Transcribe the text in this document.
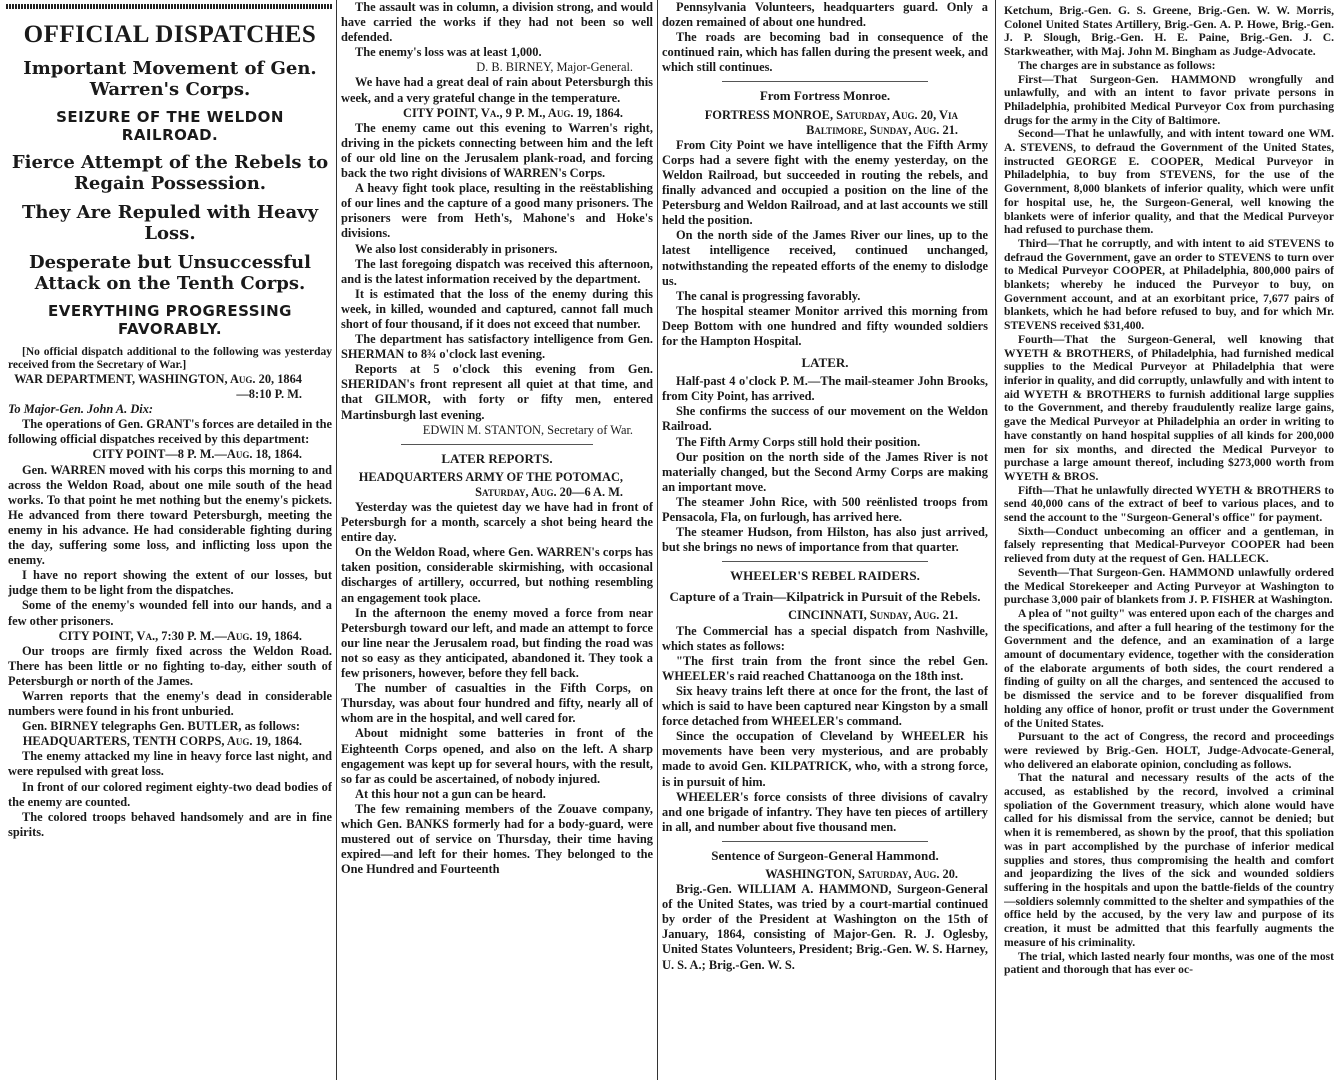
OFFICIAL DISPATCHES

Important Movement of Gen. Warren's Corps.

SEIZURE OF THE WELDON RAILROAD.

Fierce Attempt of the Rebels to Regain Possession.

They Are Repuled with Heavy Loss.

Desperate but Unsuccessful Attack on the Tenth Corps.

EVERYTHING PROGRESSING FAVORABLY.

[No official dispatch additional to the following was yesterday received from the Secretary of War.]

WAR DEPARTMENT, WASHINGTON, Aug. 20, 1864—8:10 P. M.

To Major-Gen. John A. Dix:

The operations of Gen. GRANT's forces are detailed in the following official dispatches received by this department:

CITY POINT—8 P. M.—Aug. 18, 1864.

Gen. WARREN moved with his corps this morning to and across the Weldon Road, about one mile south of the head works. To that point he met nothing but the enemy's pickets. He advanced from there toward Petersburgh, meeting the enemy in his advance. He had considerable fighting during the day, suffering some loss, and inflicting loss upon the enemy.

I have no report showing the extent of our losses, but judge them to be light from the dispatches.

Some of the enemy's wounded fell into our hands, and a few other prisoners.

CITY POINT, Va., 7:30 P. M.—Aug. 19, 1864.

Our troops are firmly fixed across the Weldon Road. There has been little or no fighting to-day, either south of Petersburgh or north of the James.

Warren reports that the enemy's dead in considerable numbers were found in his front unburied.

Gen. BIRNEY telegraphs Gen. BUTLER, as follows:

HEADQUARTERS, TENTH CORPS, Aug. 19, 1864.

The enemy attacked my line in heavy force last night, and were repulsed with great loss.

In front of our colored regiment eighty-two dead bodies of the enemy are counted.

The colored troops behaved handsomely and are in fine spirits.

The assault was in column, a division strong, and would have carried the works if they had not been so well defended.

The enemy's loss was at least 1,000.

D. B. BIRNEY, Major-General.

We have had a great deal of rain about Petersburgh this week, and a very grateful change in the temperature.

CITY POINT, Va., 9 P. M., Aug. 19, 1864.

The enemy came out this evening to Warren's right, driving in the pickets connecting between him and the left of our old line on the Jerusalem plank-road, and forcing back the two right divisions of WARREN's Corps.

A heavy fight took place, resulting in the reëstablishing of our lines and the capture of a good many prisoners. The prisoners were from Heth's, Mahone's and Hoke's divisions.

We also lost considerably in prisoners.

The last foregoing dispatch was received this afternoon, and is the latest information received by the department.

It is estimated that the loss of the enemy during this week, in killed, wounded and captured, cannot fall much short of four thousand, if it does not exceed that number.

The department has satisfactory intelligence from Gen. SHERMAN to 8¾ o'clock last evening.

Reports at 5 o'clock this evening from Gen. SHERIDAN's front represent all quiet at that time, and that GILMOR, with forty or fifty men, entered Martinsburgh last evening.

EDWIN M. STANTON, Secretary of War.

LATER REPORTS.

HEADQUARTERS ARMY OF THE POTOMAC, Saturday, Aug. 20—6 A. M.

Yesterday was the quietest day we have had in front of Petersburgh for a month, scarcely a shot being heard the entire day.

On the Weldon Road, where Gen. WARREN's corps has taken position, considerable skirmishing, with occasional discharges of artillery, occurred, but nothing resembling an engagement took place.

In the afternoon the enemy moved a force from near Petersburgh toward our left, and made an attempt to force our line near the Jerusalem road, but finding the road was not so easy as they anticipated, abandoned it. They took a few prisoners, however, before they fell back.

The number of casualties in the Fifth Corps, on Thursday, was about four hundred and fifty, nearly all of whom are in the hospital, and well cared for.

About midnight some batteries in front of the Eighteenth Corps opened, and also on the left. A sharp engagement was kept up for several hours, with the result, so far as could be ascertained, of nobody injured.

At this hour not a gun can be heard.

The few remaining members of the Zouave company, which Gen. BANKS formerly had for a body-guard, were mustered out of service on Thursday, their time having expired—and left for their homes. They belonged to the One Hundred and Fourteenth

Pennsylvania Volunteers, headquarters guard. Only a dozen remained of about one hundred.

The roads are becoming bad in consequence of the continued rain, which has fallen during the present week, and which still continues.

From Fortress Monroe.

FORTRESS MONROE, Saturday, Aug. 20, Via Baltimore, Sunday, Aug. 21.

From City Point we have intelligence that the Fifth Army Corps had a severe fight with the enemy yesterday, on the Weldon Railroad, but succeeded in routing the rebels, and finally advanced and occupied a position on the line of the Petersburg and Weldon Railroad, and at last accounts we still held the position.

On the north side of the James River our lines, up to the latest intelligence received, continued unchanged, notwithstanding the repeated efforts of the enemy to dislodge us.

The canal is progressing favorably.

The hospital steamer Monitor arrived this morning from Deep Bottom with one hundred and fifty wounded soldiers for the Hampton Hospital.

LATER.

Half-past 4 o'clock P. M.—The mail-steamer John Brooks, from City Point, has arrived.

She confirms the success of our movement on the Weldon Railroad.

The Fifth Army Corps still hold their position.

Our position on the north side of the James River is not materially changed, but the Second Army Corps are making an important move.

The steamer John Rice, with 500 reënlisted troops from Pensacola, Fla, on furlough, has arrived here.

The steamer Hudson, from Hilston, has also just arrived, but she brings no news of importance from that quarter.

WHEELER'S REBEL RAIDERS.

Capture of a Train—Kilpatrick in Pursuit of the Rebels.

CINCINNATI, Sunday, Aug. 21.

The Commercial has a special dispatch from Nashville, which states as follows:

"The first train from the front since the rebel Gen. WHEELER's raid reached Chattanooga on the 18th inst.

Six heavy trains left there at once for the front, the last of which is said to have been captured near Kingston by a small force detached from WHEELER's command.

Since the occupation of Cleveland by WHEELER his movements have been very mysterious, and are probably made to avoid Gen. KILPATRICK, who, with a strong force, is in pursuit of him.

WHEELER's force consists of three divisions of cavalry and one brigade of infantry. They have ten pieces of artillery in all, and number about five thousand men.

Sentence of Surgeon-General Hammond.

WASHINGTON, Saturday, Aug. 20.

Brig.-Gen. WILLIAM A. HAMMOND, Surgeon-General of the United States, was tried by a court-martial continued by order of the President at Washington on the 15th of January, 1864, consisting of Major-Gen. R. J. Oglesby, United States Volunteers, President; Brig.-Gen. W. S. Harney, U. S. A.; Brig.-Gen. W. S.

Ketchum, Brig.-Gen. G. S. Greene, Brig.-Gen. W. W. Morris, Colonel United States Artillery, Brig.-Gen. A. P. Howe, Brig.-Gen. J. P. Slough, Brig.-Gen. H. E. Paine, Brig.-Gen. J. C. Starkweather, with Maj. John M. Bingham as Judge-Advocate.

The charges are in substance as follows:

First—That Surgeon-Gen. HAMMOND wrongfully and unlawfully, and with an intent to favor private persons in Philadelphia, prohibited Medical Purveyor Cox from purchasing drugs for the army in the City of Baltimore.

Second—That he unlawfully, and with intent toward one WM. A. STEVENS, to defraud the Government of the United States, instructed GEORGE E. COOPER, Medical Purveyor in Philadelphia, to buy from STEVENS, for the use of the Government, 8,000 blankets of inferior quality, which were unfit for hospital use, he, the Surgeon-General, well knowing the blankets were of inferior quality, and that the Medical Purveyor had refused to purchase them.

Third—That he corruptly, and with intent to aid STEVENS to defraud the Government, gave an order to STEVENS to turn over to Medical Purveyor COOPER, at Philadelphia, 800,000 pairs of blankets; whereby he induced the Purveyor to buy, on Government account, and at an exorbitant price, 7,677 pairs of blankets, which he had before refused to buy, and for which Mr. STEVENS received $31,400.

Fourth—That the Surgeon-General, well knowing that WYETH & BROTHERS, of Philadelphia, had furnished medical supplies to the Medical Purveyor at Philadelphia that were inferior in quality, and did corruptly, unlawfully and with intent to aid WYETH & BROTHERS to furnish additional large supplies to the Government, and thereby fraudulently realize large gains, gave the Medical Purveyor at Philadelphia an order in writing to have constantly on hand hospital supplies of all kinds for 200,000 men for six months, and directed the Medical Purveyor to purchase a large amount thereof, including $273,000 worth from WYETH & BROS.

Fifth—That he unlawfully directed WYETH & BROTHERS to send 40,000 cans of the extract of beef to various places, and to send the account to the "Surgeon-General's office" for payment.

Sixth—Conduct unbecoming an officer and a gentleman, in falsely representing that Medical-Purveyor COOPER had been relieved from duty at the request of Gen. HALLECK.

Seventh—That Surgeon-Gen. HAMMOND unlawfully ordered the Medical Storekeeper and Acting Purveyor at Washington to purchase 3,000 pair of blankets from J. P. FISHER at Washington.

A plea of "not guilty" was entered upon each of the charges and the specifications, and after a full hearing of the testimony for the Government and the defence, and an examination of a large amount of documentary evidence, together with the consideration of the elaborate arguments of both sides, the court rendered a finding of guilty on all the charges, and sentenced the accused to be dismissed the service and to be forever disqualified from holding any office of honor, profit or trust under the Government of the United States.

Pursuant to the act of Congress, the record and proceedings were reviewed by Brig.-Gen. HOLT, Judge-Advocate-General, who delivered an elaborate opinion, concluding as follows.

That the natural and necessary results of the acts of the accused, as established by the record, involved a criminal spoliation of the Government treasury, which alone would have called for his dismissal from the service, cannot be denied; but when it is remembered, as shown by the proof, that this spoliation was in part accomplished by the purchase of inferior medical supplies and stores, thus compromising the health and comfort and jeopardizing the lives of the sick and wounded soldiers suffering in the hospitals and upon the battle-fields of the country—soldiers solemnly committed to the shelter and sympathies of the office held by the accused, by the very law and purpose of its creation, it must be admitted that this fearfully augments the measure of his criminality.

The trial, which lasted nearly four months, was one of the most patient and thorough that has ever oc-
